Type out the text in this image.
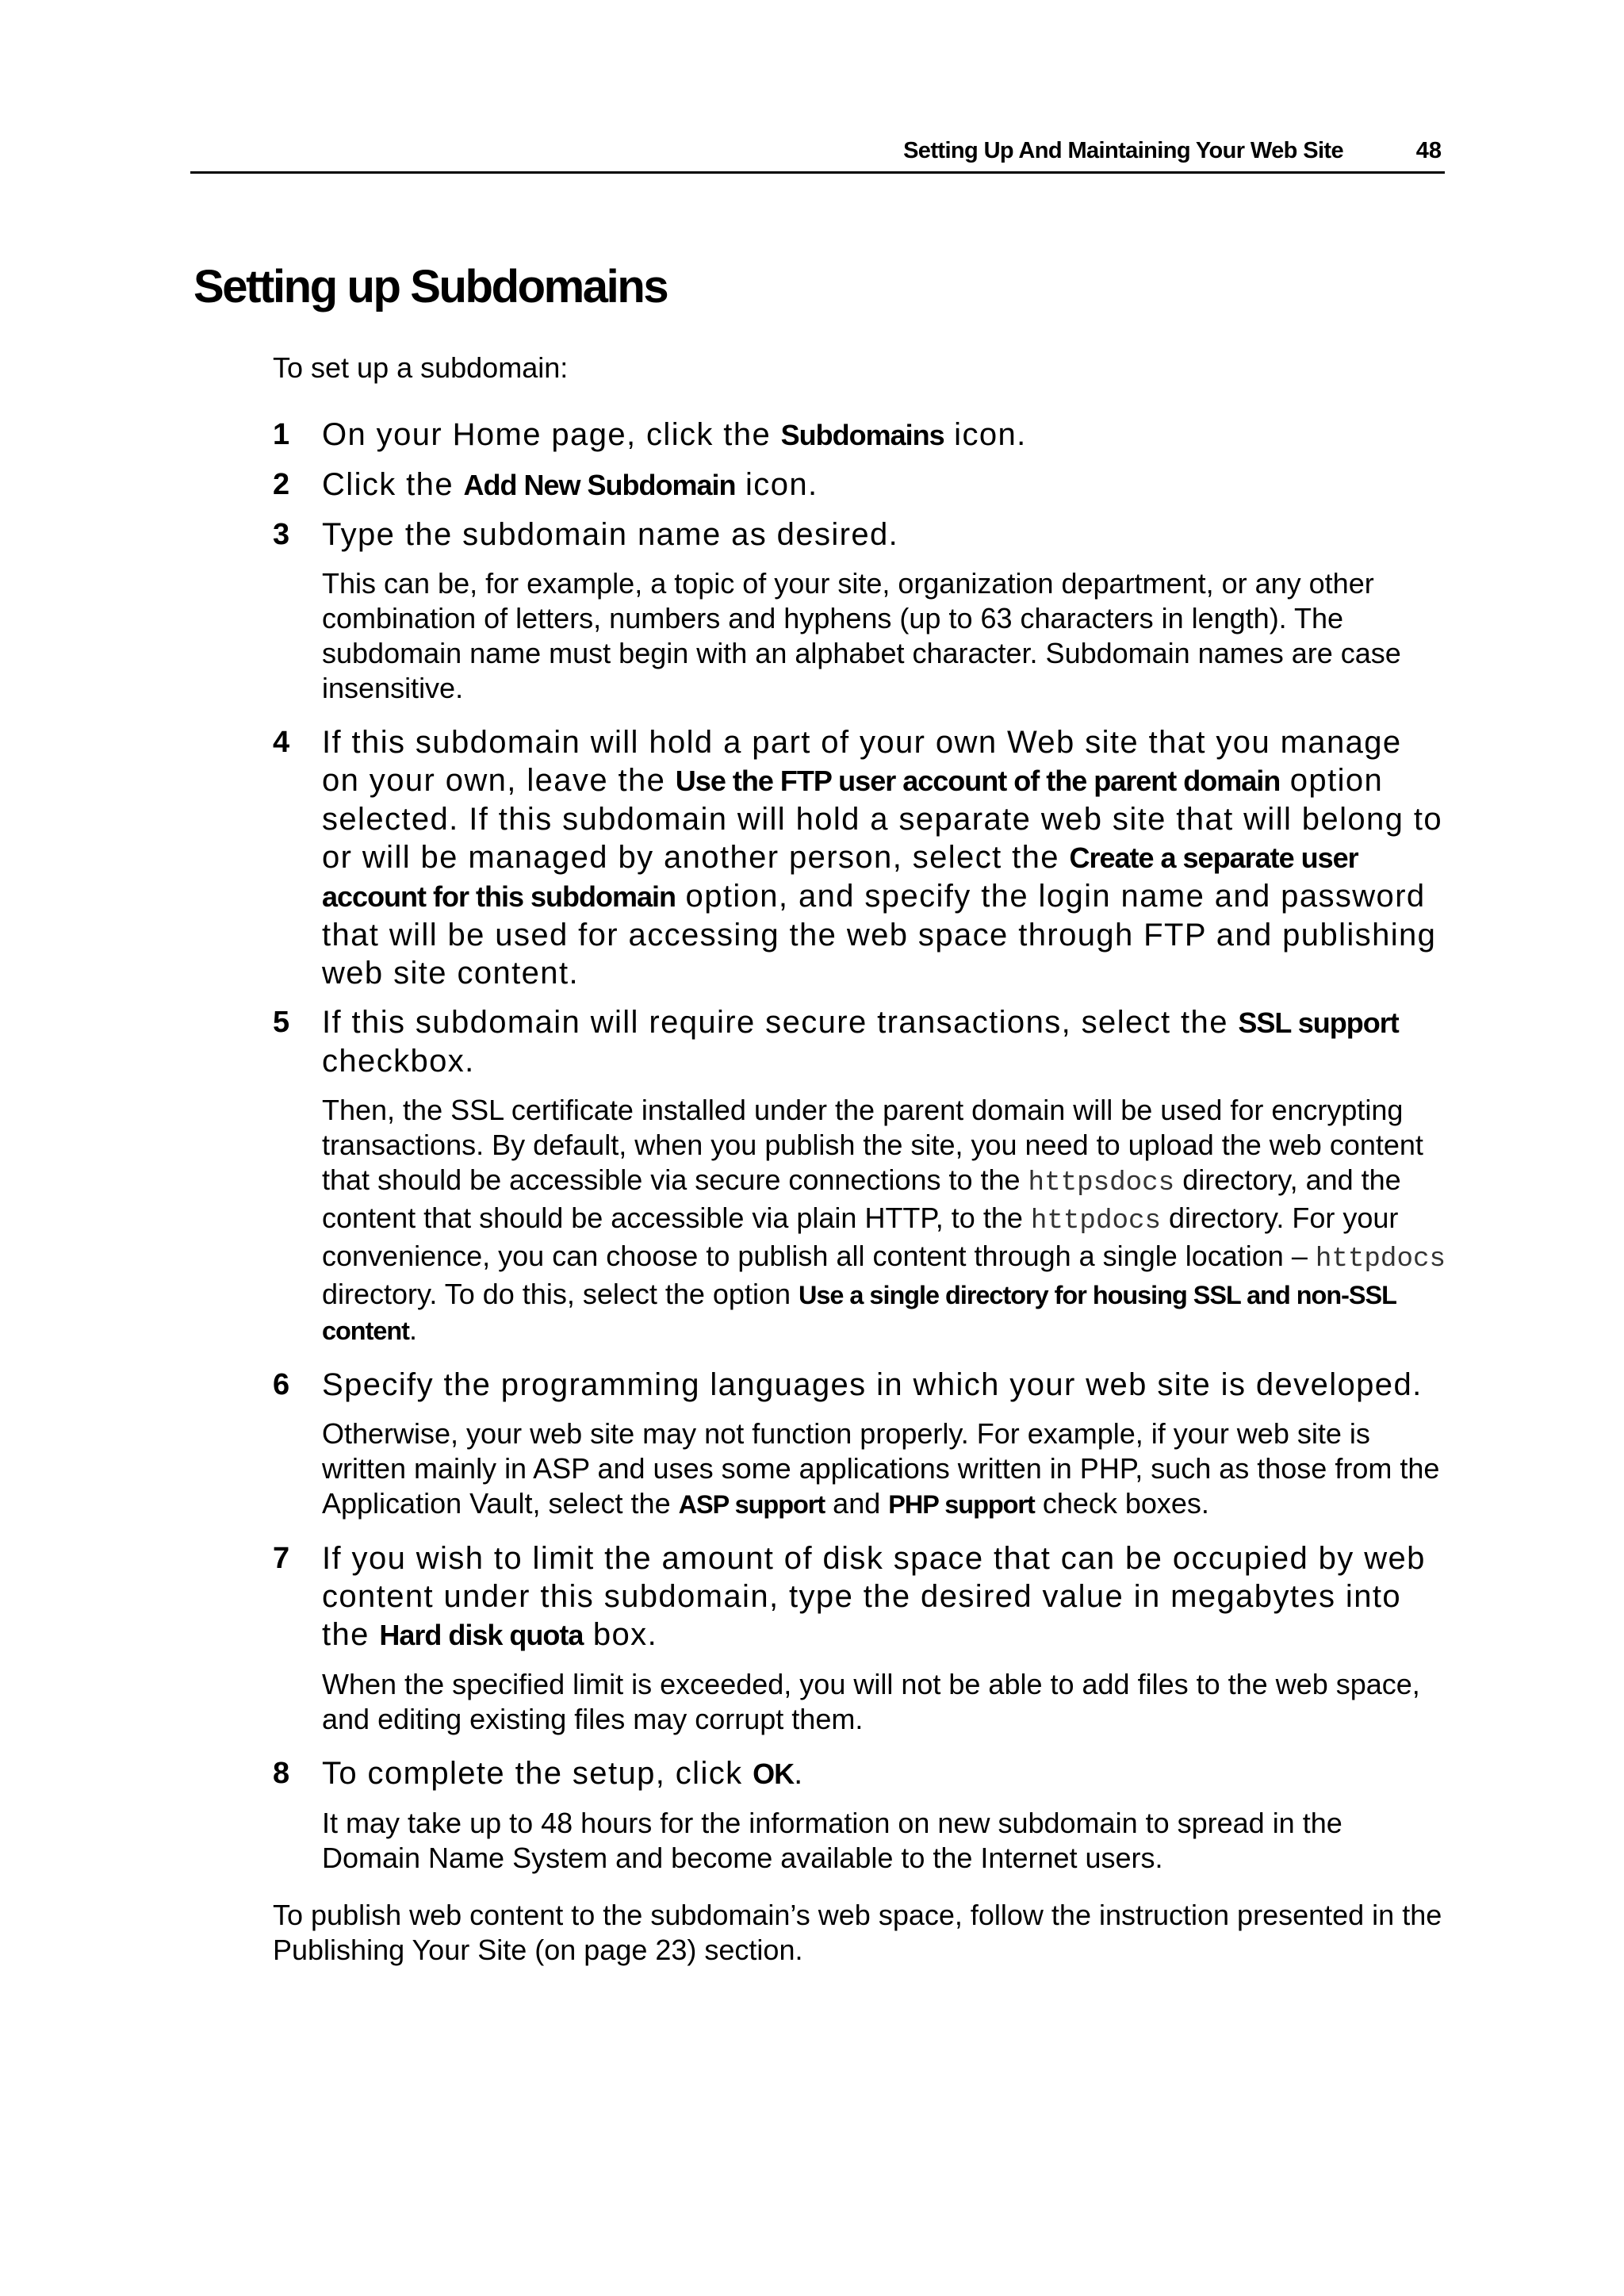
Setting Up And Maintaining Your Web Site	48
Setting up Subdomains

To set up a subdomain:

1 On your Home page, click the Subdomains icon.

2 Click the Add New Subdomain icon.

3 Type the subdomain name as desired.

This can be, for example, a topic of your site, organization department, or any other combination of letters, numbers and hyphens (up to 63 characters in length). The subdomain name must begin with an alphabet character. Subdomain names are case insensitive.

4 If this subdomain will hold a part of your own Web site that you manage on your own, leave the Use the FTP user account of the parent domain option selected. If this subdomain will hold a separate web site that will belong to or will be managed by another person, select the Create a separate user account for this subdomain option, and specify the login name and password that will be used for accessing the web space through FTP and publishing web site content.

5 If this subdomain will require secure transactions, select the SSL support checkbox.

Then, the SSL certificate installed under the parent domain will be used for encrypting transactions. By default, when you publish the site, you need to upload the web content that should be accessible via secure connections to the httpsdocs directory, and the content that should be accessible via plain HTTP, to the httpdocs directory. For your convenience, you can choose to publish all content through a single location – httpdocs directory. To do this, select the option Use a single directory for housing SSL and non-SSL content.

6 Specify the programming languages in which your web site is developed.

Otherwise, your web site may not function properly. For example, if your web site is written mainly in ASP and uses some applications written in PHP, such as those from the Application Vault, select the ASP support and PHP support check boxes.

7 If you wish to limit the amount of disk space that can be occupied by web content under this subdomain, type the desired value in megabytes into the Hard disk quota box.

When the specified limit is exceeded, you will not be able to add files to the web space, and editing existing files may corrupt them.

8 To complete the setup, click OK.

It may take up to 48 hours for the information on new subdomain to spread in the Domain Name System and become available to the Internet users.

To publish web content to the subdomain’s web space, follow the instruction presented in the Publishing Your Site (on page 23) section.
